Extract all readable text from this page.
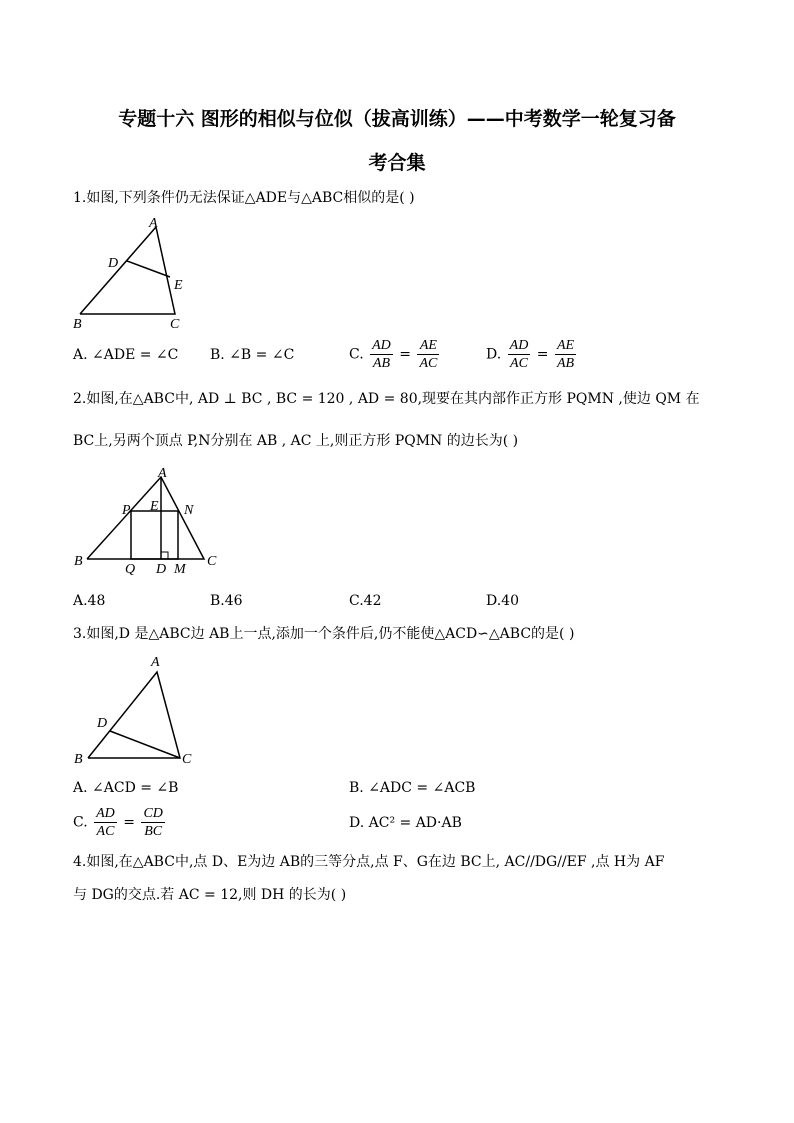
专题十六 图形的相似与位似（拔高训练）——中考数学一轮复习备
考合集
1.如图,下列条件仍无法保证△ADE与△ABC相似的是( )
A
D
E
B	C
A. ∠ADE = ∠C B. ∠B = ∠C	C. $\frac{AD}{AB} = \frac{AE}{AC}$	D. $\frac{AD}{AC} = \frac{AE}{AB}$
2.如图,在△ABC中, AD ⊥ BC , BC = 120 , AD = 80,现要在其内部作正方形 PQMN ,使边 QM 在
BC上,另两个顶点 P,N分别在 AB , AC 上,则正方形 PQMN 的边长为( )
A
P E N
B
Q D M
C
A.48	B.46	C.42	D.40
3.如图,D 是△ABC边 AB上一点,添加一个条件后,仍不能使△ACD∽△ABC的是( )
A
D
B	C
A. ∠ACD = ∠B	B. ∠ADC = ∠ACB
C. $\frac{AD}{AC} = \frac{CD}{BC}$	D. AC² = AD·AB
4.如图,在△ABC中,点 D、E为边 AB的三等分点,点 F、G在边 BC上, AC//DG//EF ,点 H为 AF
与 DG的交点.若 AC = 12,则 DH 的长为( )
